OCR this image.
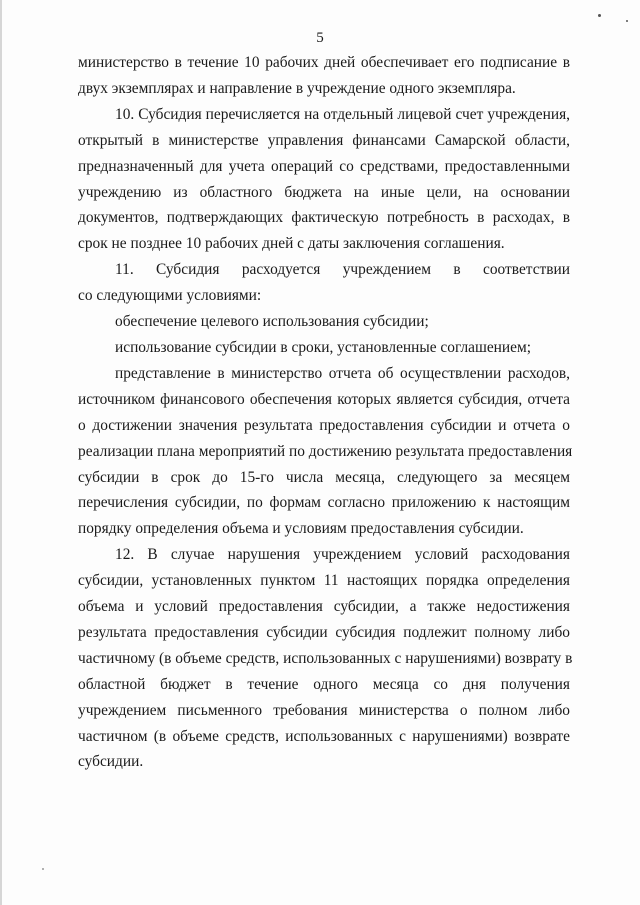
5
министерство в течение 10 рабочих дней обеспечивает его подписание в
двух экземплярах и направление в учреждение одного экземпляра.
10. Субсидия перечисляется на отдельный лицевой счет учреждения,
открытый в министерстве управления финансами Самарской области,
предназначенный для учета операций со средствами, предоставленными
учреждению из областного бюджета на иные цели, на основании
документов, подтверждающих фактическую потребность в расходах, в
срок не позднее 10 рабочих дней с даты заключения соглашения.
11. Субсидия расходуется учреждением в соответствии
со следующими условиями:
обеспечение целевого использования субсидии;
использование субсидии в сроки, установленные соглашением;
представление в министерство отчета об осуществлении расходов,
источником финансового обеспечения которых является субсидия, отчета
о достижении значения результата предоставления субсидии и отчета о
реализации плана мероприятий по достижению результата предоставления
субсидии в срок до 15-го числа месяца, следующего за месяцем
перечисления субсидии, по формам согласно приложению к настоящим
порядку определения объема и условиям предоставления субсидии.
12. В случае нарушения учреждением условий расходования
субсидии, установленных пунктом 11 настоящих порядка определения
объема и условий предоставления субсидии, а также недостижения
результата предоставления субсидии субсидия подлежит полному либо
частичному (в объеме средств, использованных с нарушениями) возврату в
областной бюджет в течение одного месяца со дня получения
учреждением письменного требования министерства о полном либо
частичном (в объеме средств, использованных с нарушениями) возврате
субсидии.
